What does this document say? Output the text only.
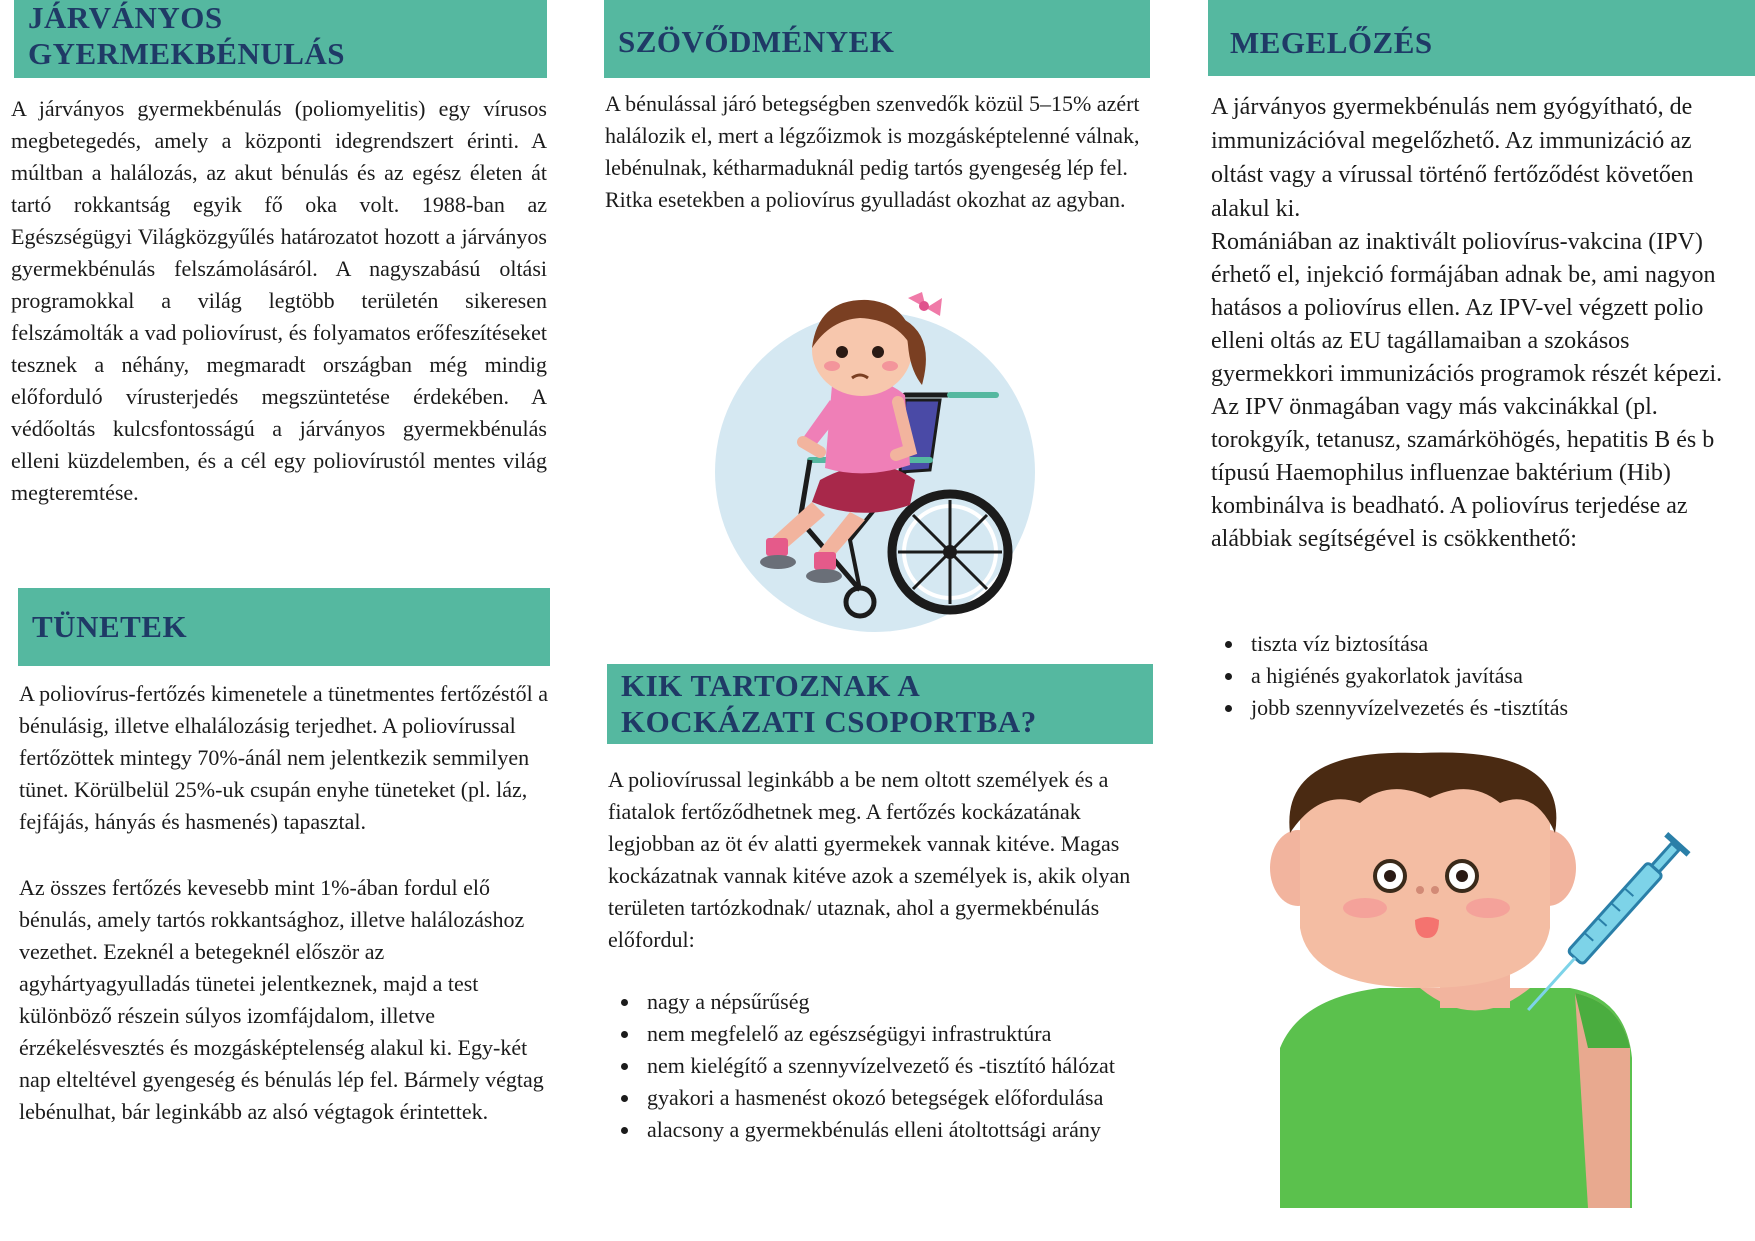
JÁRVÁNYOS GYERMEKBÉNULÁS

A járványos gyermekbénulás (poliomyelitis) egy vírusos megbetegedés, amely a központi idegrendszert érinti. A múltban a halálozás, az akut bénulás és az egész életen át tartó rokkantság egyik fő oka volt. 1988-ban az Egészségügyi Világközgyűlés határozatot hozott a járványos gyermekbénulás felszámolásáról. A nagyszabású oltási programokkal a világ legtöbb területén sikeresen felszámolták a vad poliovírust, és folyamatos erőfeszítéseket tesznek a néhány, megmaradt országban még mindig előforduló vírusterjedés megszüntetése érdekében. A védőoltás kulcsfontosságú a járványos gyermekbénulás elleni küzdelemben, és a cél egy poliovírustól mentes világ megteremtése.

TÜNETEK

A poliovírus-fertőzés kimenetele a tünetmentes fertőzéstől a bénulásig, illetve elhalálozásig terjedhet. A poliovírussal fertőzöttek mintegy 70%-ánál nem jelentkezik semmilyen tünet. Körülbelül 25%-uk csupán enyhe tüneteket (pl. láz, fejfájás, hányás és hasmenés) tapasztal.

Az összes fertőzés kevesebb mint 1%-ában fordul elő bénulás, amely tartós rokkantsághoz, illetve halálozáshoz vezethet. Ezeknél a betegeknél először az agyhártyagyulladás tünetei jelentkeznek, majd a test különböző részein súlyos izomfájdalom, illetve érzékelésvesztés és mozgásképtelenség alakul ki. Egy-két nap elteltével gyengeség és bénulás lép fel. Bármely végtag lebénulhat, bár leginkább az alsó végtagok érintettek.

SZÖVŐDMÉNYEK

A bénulással járó betegségben szenvedők közül 5–15% azért halálozik el, mert a légzőizmok is mozgásképtelenné válnak, lebénulnak, kétharmaduknál pedig tartós gyengeség lép fel. Ritka esetekben a poliovírus gyulladást okozhat az agyban.

KIK TARTOZNAK A KOCKÁZATI CSOPORTBA?

A poliovírussal leginkább a be nem oltott személyek és a fiatalok fertőződhetnek meg. A fertőzés kockázatának legjobban az öt év alatti gyermekek vannak kitéve. Magas kockázatnak vannak kitéve azok a személyek is, akik olyan területen tartózkodnak/ utaznak, ahol a gyermekbénulás előfordul:

nagy a népsűrűség
nem megfelelő az egészségügyi infrastruktúra
nem kielégítő a szennyvízelvezető és -tisztító hálózat
gyakori a hasmenést okozó betegségek előfordulása
alacsony a gyermekbénulás elleni átoltottsági arány
MEGELŐZÉS

A járványos gyermekbénulás nem gyógyítható, de immunizációval megelőzhető. Az immunizáció az oltást vagy a vírussal történő fertőződést követően alakul ki.

Romániában az inaktivált poliovírus-vakcina (IPV) érhető el, injekció formájában adnak be, ami nagyon hatásos a poliovírus ellen. Az IPV-vel végzett polio elleni oltás az EU tagállamaiban a szokásos gyermekkori immunizációs programok részét képezi. Az IPV önmagában vagy más vakcinákkal (pl. torokgyík, tetanusz, szamárköhögés, hepatitis B és b típusú Haemophilus influenzae baktérium (Hib) kombinálva is beadható. A poliovírus terjedése az alábbiak segítségével is csökkenthető:

tiszta víz biztosítása
a higiénés gyakorlatok javítása
jobb szennyvízelvezetés és -tisztítás
